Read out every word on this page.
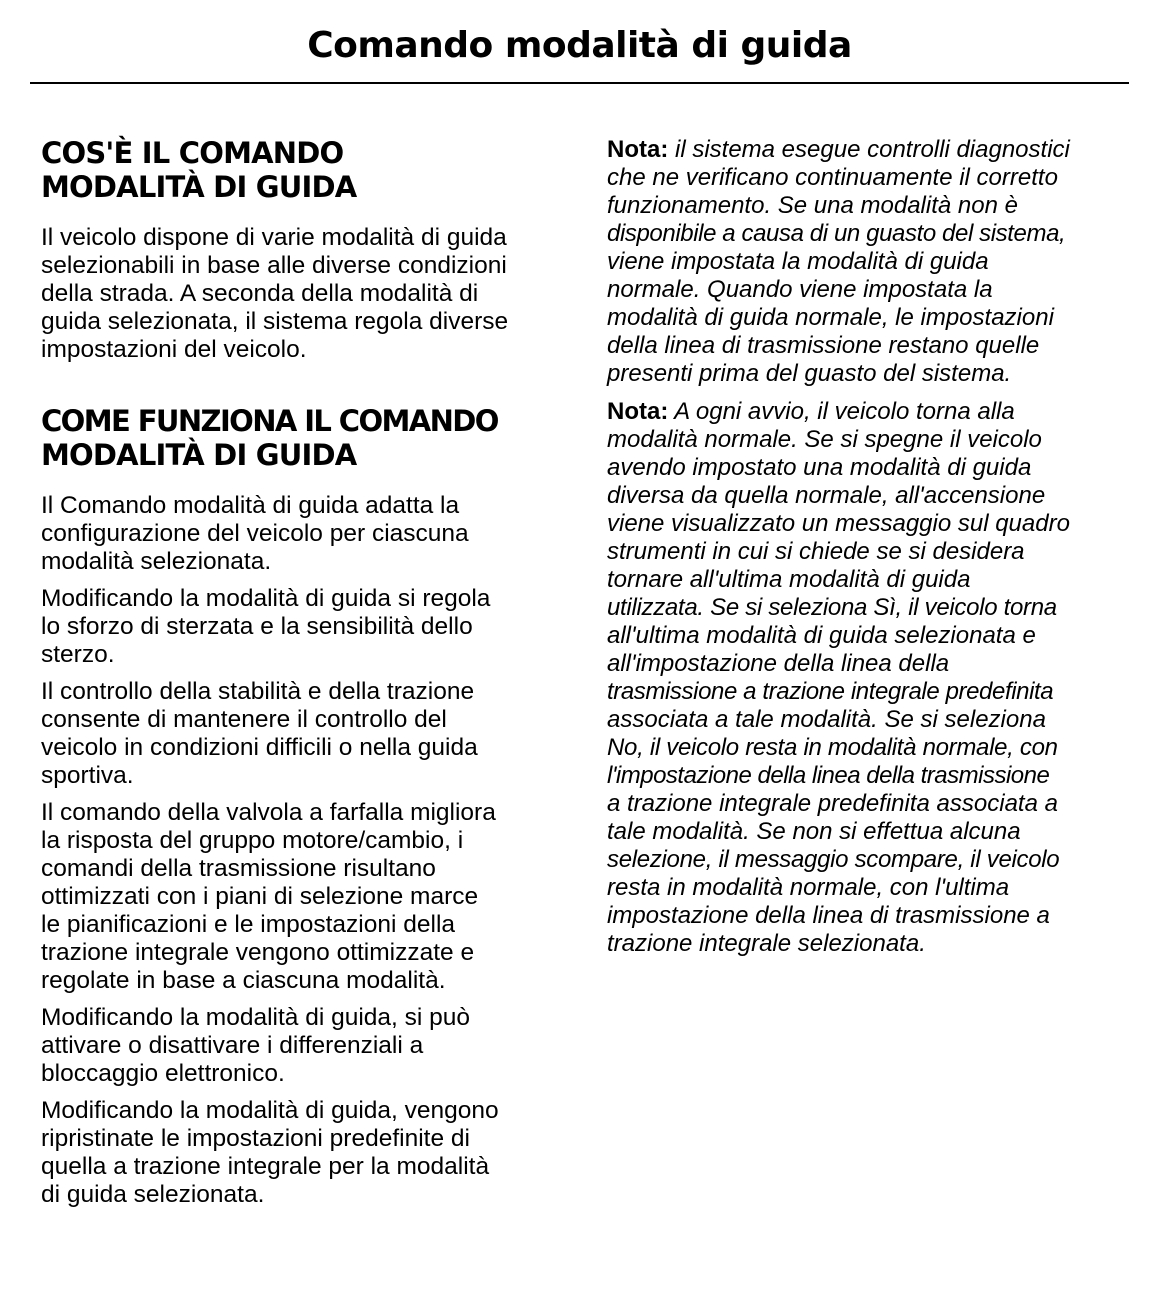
Comando modalità di guida
COS'È IL COMANDO
MODALITÀ DI GUIDA

Il veicolo dispone di varie modalità di guida
selezionabili in base alle diverse condizioni
della strada. A seconda della modalità di
guida selezionata, il sistema regola diverse
impostazioni del veicolo.

COME FUNZIONA IL COMANDO
MODALITÀ DI GUIDA

Il Comando modalità di guida adatta la
configurazione del veicolo per ciascuna
modalità selezionata.

Modificando la modalità di guida si regola
lo sforzo di sterzata e la sensibilità dello
sterzo.

Il controllo della stabilità e della trazione
consente di mantenere il controllo del
veicolo in condizioni difficili o nella guida
sportiva.

Il comando della valvola a farfalla migliora
la risposta del gruppo motore/cambio, i
comandi della trasmissione risultano
ottimizzati con i piani di selezione marce
le pianificazioni e le impostazioni della
trazione integrale vengono ottimizzate e
regolate in base a ciascuna modalità.

Modificando la modalità di guida, si può
attivare o disattivare i differenziali a
bloccaggio elettronico.

Modificando la modalità di guida, vengono
ripristinate le impostazioni predefinite di
quella a trazione integrale per la modalità
di guida selezionata.

Nota: il sistema esegue controlli diagnostici
che ne verificano continuamente il corretto
funzionamento. Se una modalità non è
disponibile a causa di un guasto del sistema,
viene impostata la modalità di guida
normale. Quando viene impostata la
modalità di guida normale, le impostazioni
della linea di trasmissione restano quelle
presenti prima del guasto del sistema.

Nota: A ogni avvio, il veicolo torna alla
modalità normale. Se si spegne il veicolo
avendo impostato una modalità di guida
diversa da quella normale, all'accensione
viene visualizzato un messaggio sul quadro
strumenti in cui si chiede se si desidera
tornare all'ultima modalità di guida
utilizzata. Se si seleziona Sì, il veicolo torna
all'ultima modalità di guida selezionata e
all'impostazione della linea della
trasmissione a trazione integrale predefinita
associata a tale modalità. Se si seleziona
No, il veicolo resta in modalità normale, con
l'impostazione della linea della trasmissione
a trazione integrale predefinita associata a
tale modalità. Se non si effettua alcuna
selezione, il messaggio scompare, il veicolo
resta in modalità normale, con l'ultima
impostazione della linea di trasmissione a
trazione integrale selezionata.
